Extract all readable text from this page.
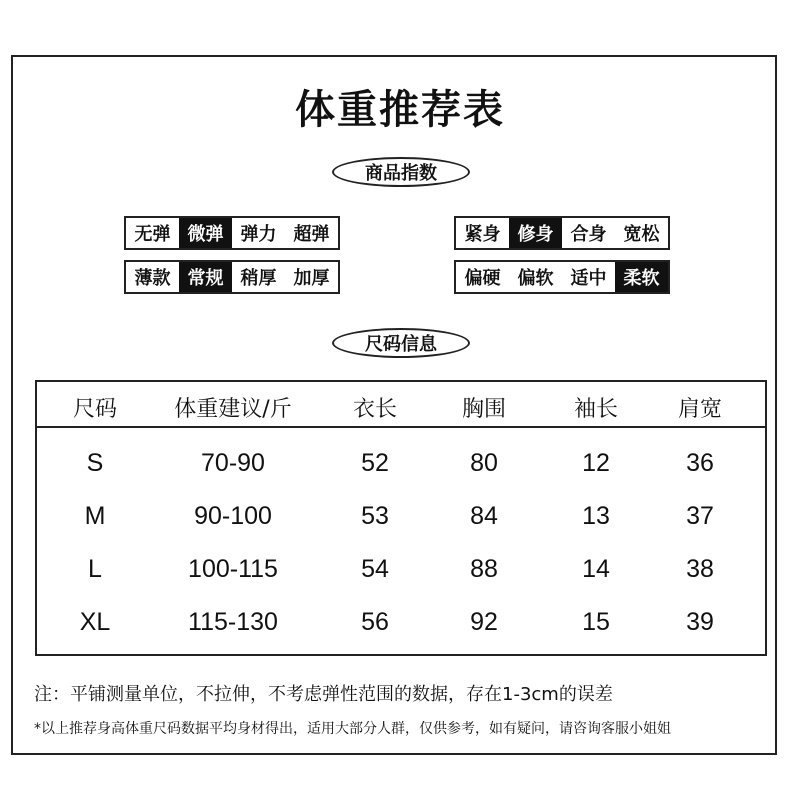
体重推荐表
商品指数
无弹 微弹 弹力 超弹	紧身 修身 合身 宽松
薄款 常规 稍厚 加厚	偏硬 偏软 适中 柔软
尺码信息
尺码	体重建议/斤	衣长	胸围	袖长	肩宽
S	70-90	52	80	12	36
M	90-100	53	84	13	37
L	100-115	54	88	14	38
XL	115-130	56	92	15	39
注：平铺测量单位，不拉伸，不考虑弹性范围的数据，存在1-3cm的误差
*以上推荐身高体重尺码数据平均身材得出，适用大部分人群，仅供参考，如有疑问，请咨询客服小姐姐
